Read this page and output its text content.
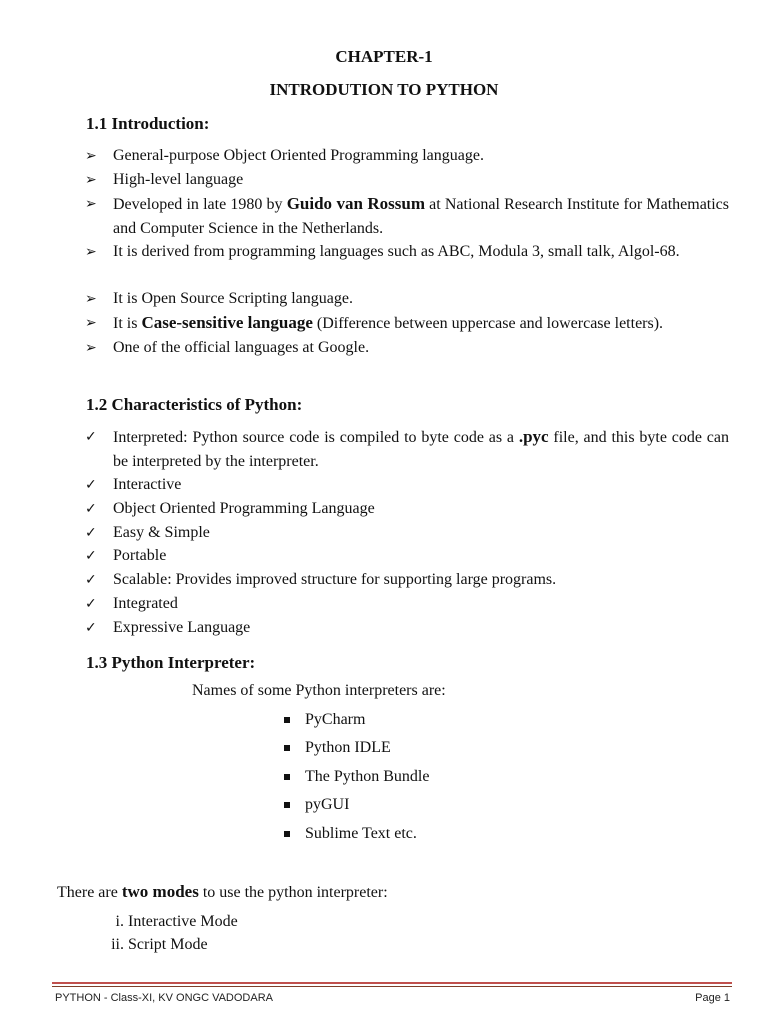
CHAPTER-1
INTRODUTION TO PYTHON
1.1 Introduction:
➢	General-purpose Object Oriented Programming language.
➢	High-level language
➢	Developed in late 1980 by Guido van Rossum at National Research Institute for Mathematics and Computer Science in the Netherlands.
➢	It is derived from programming languages such as ABC, Modula 3, small talk, Algol-68.
➢	It is Open Source Scripting language.
➢	It is Case-sensitive language (Difference between uppercase and lowercase letters).
➢	One of the official languages at Google.
1.2 Characteristics of Python:
✓	Interpreted: Python source code is compiled to byte code as a .pyc file, and this byte code can be interpreted by the interpreter.
✓	Interactive
✓	Object Oriented Programming Language
✓	Easy & Simple
✓	Portable
✓	Scalable: Provides improved structure for supporting large programs.
✓	Integrated
✓	Expressive Language
1.3 Python Interpreter:
Names of some Python interpreters are:
PyCharm
Python IDLE
The Python Bundle
pyGUI
Sublime Text etc.
There are two modes to use the python interpreter:
i. Interactive Mode
ii. Script Mode
PYTHON - Class-XI, KV ONGC VADODARA	Page 1
